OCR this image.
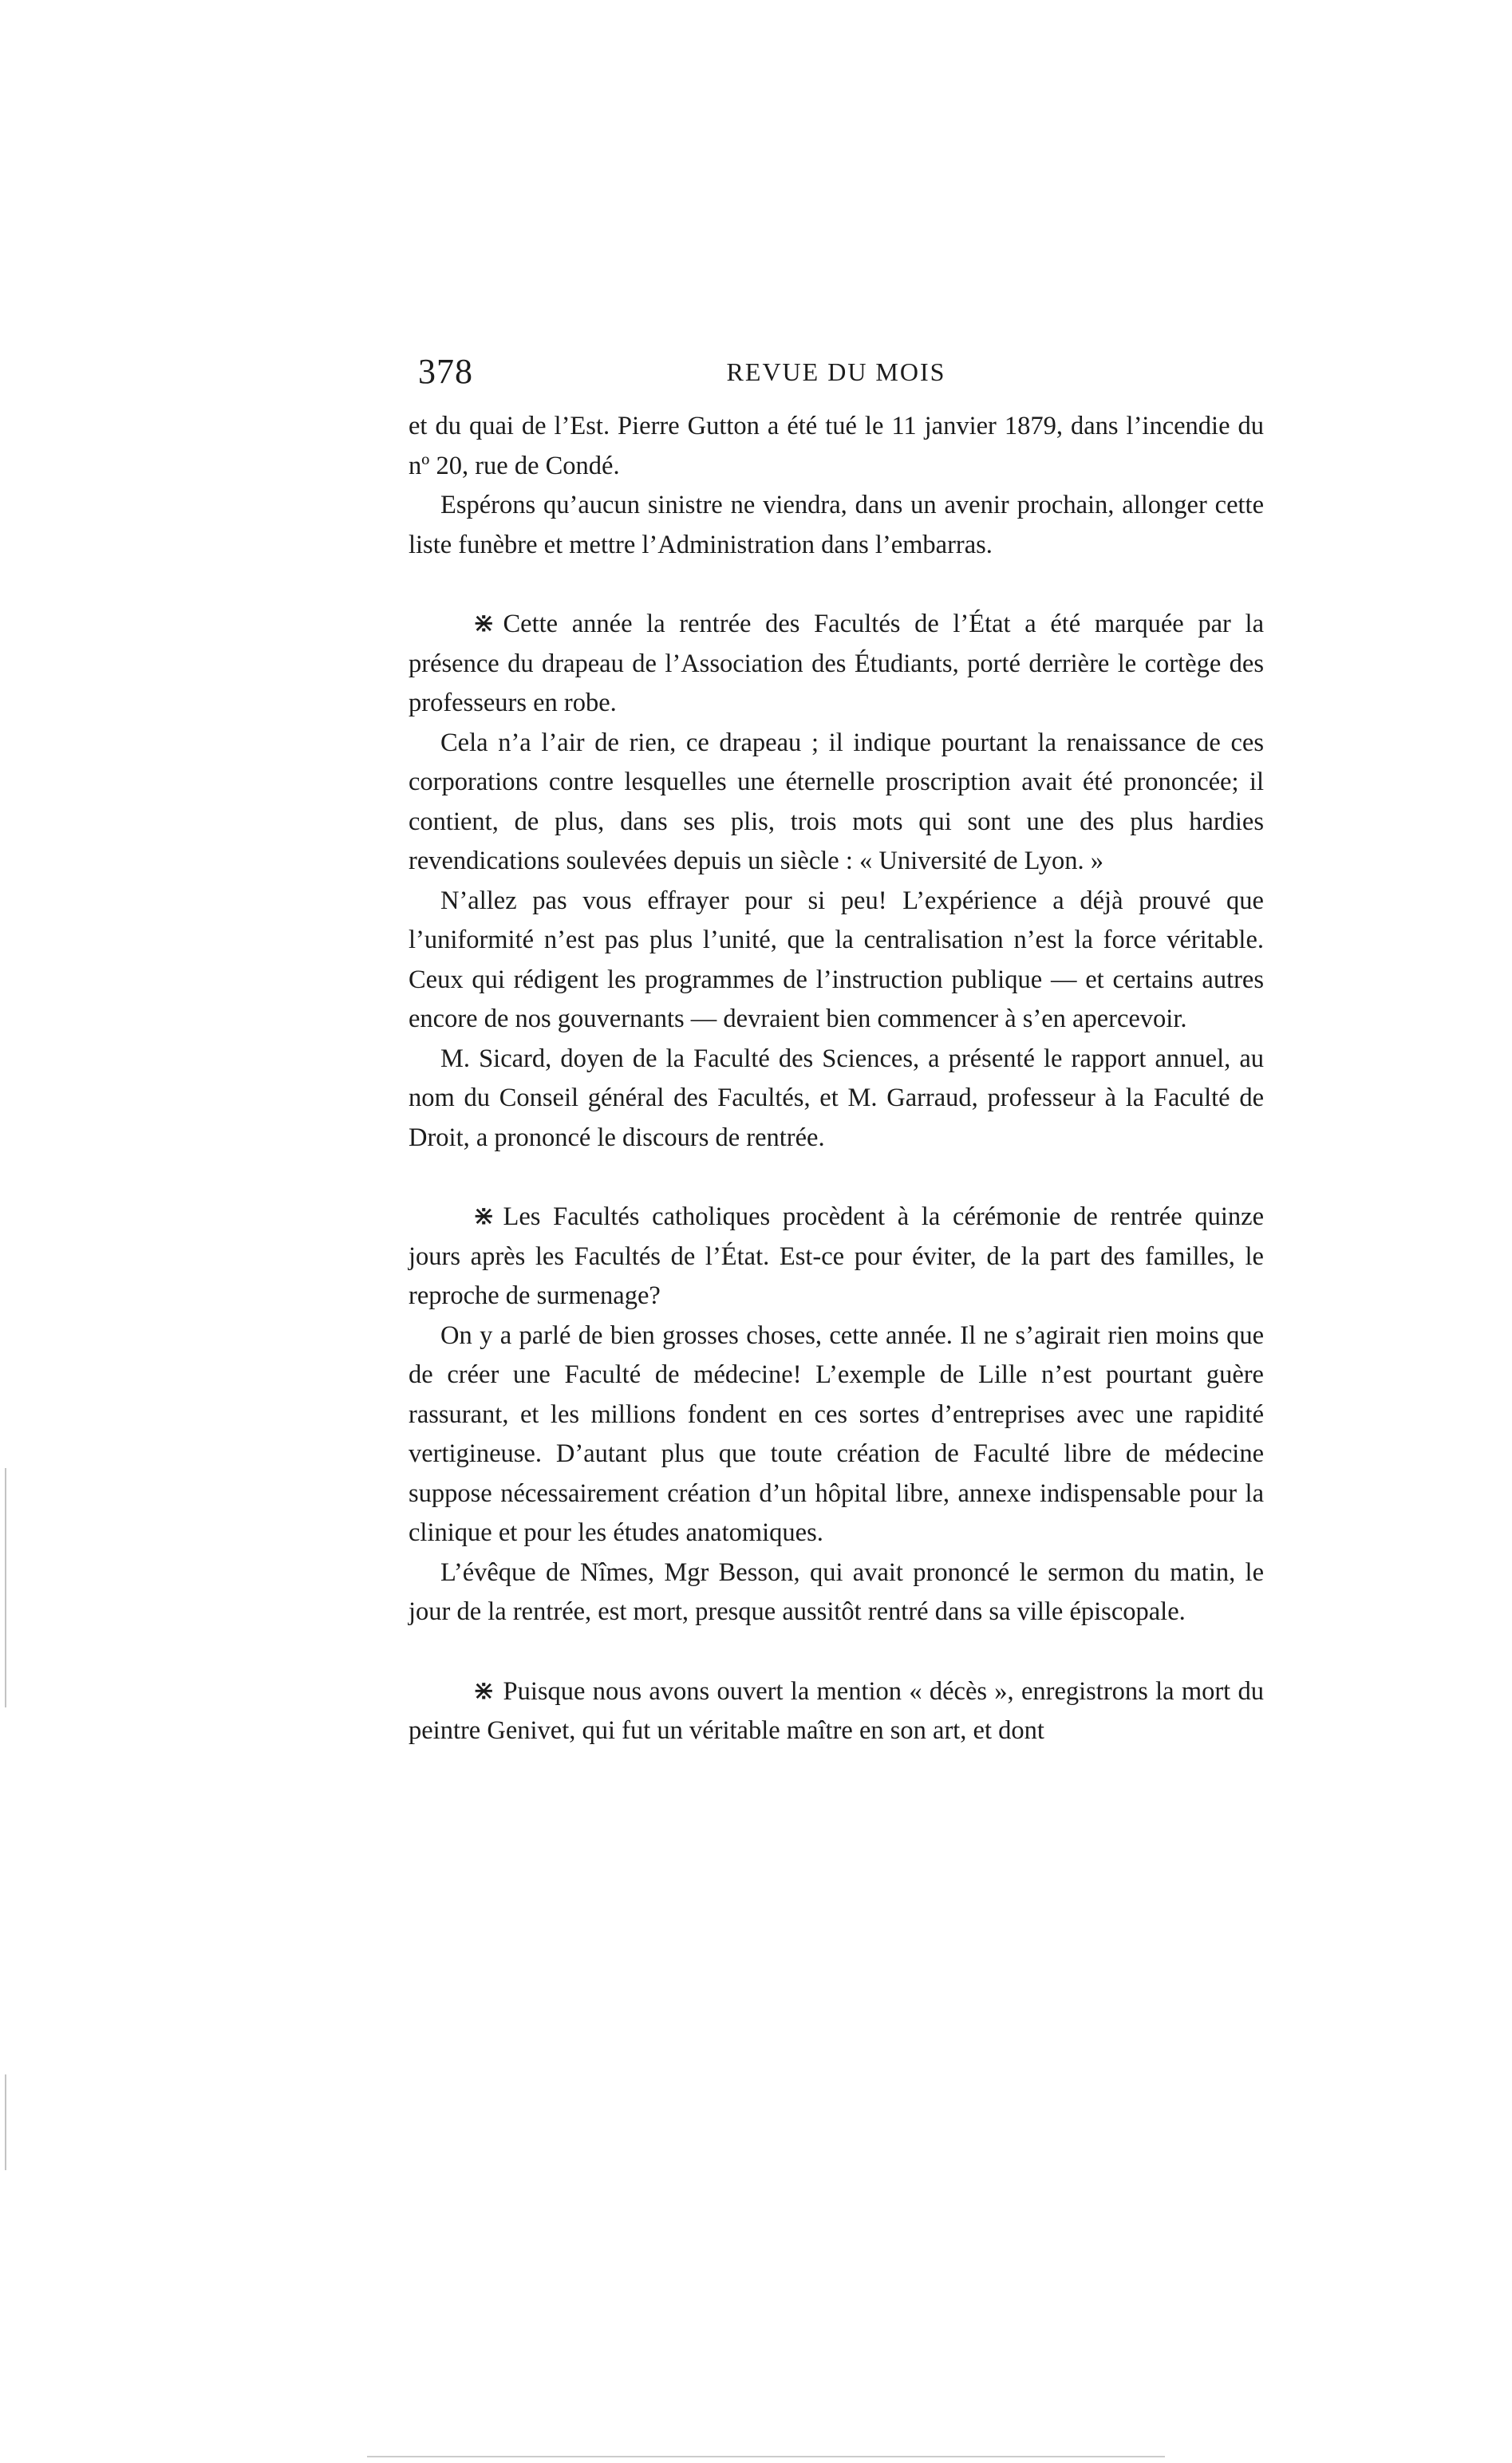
378	REVUE DU MOIS

et du quai de l’Est. Pierre Gutton a été tué le 11 janvier 1879, dans l’incendie du nº 20, rue de Condé.

Espérons qu’aucun sinistre ne viendra, dans un avenir prochain, allonger cette liste funèbre et mettre l’Administration dans l’embarras.

⋇ Cette année la rentrée des Facultés de l’État a été marquée par la présence du drapeau de l’Association des Étudiants, porté derrière le cortège des professeurs en robe.

Cela n’a l’air de rien, ce drapeau ; il indique pourtant la renaissance de ces corporations contre lesquelles une éternelle proscription avait été prononcée; il contient, de plus, dans ses plis, trois mots qui sont une des plus hardies revendications soulevées depuis un siècle : « Université de Lyon. »

N’allez pas vous effrayer pour si peu! L’expérience a déjà prouvé que l’uniformité n’est pas plus l’unité, que la centralisation n’est la force véritable. Ceux qui rédigent les programmes de l’instruction publique — et certains autres encore de nos gouvernants — devraient bien commencer à s’en apercevoir.

M. Sicard, doyen de la Faculté des Sciences, a présenté le rapport annuel, au nom du Conseil général des Facultés, et M. Garraud, professeur à la Faculté de Droit, a prononcé le discours de rentrée.

⋇ Les Facultés catholiques procèdent à la cérémonie de rentrée quinze jours après les Facultés de l’État. Est-ce pour éviter, de la part des familles, le reproche de surmenage?

On y a parlé de bien grosses choses, cette année. Il ne s’agirait rien moins que de créer une Faculté de médecine! L’exemple de Lille n’est pourtant guère rassurant, et les millions fondent en ces sortes d’entreprises avec une rapidité vertigineuse. D’autant plus que toute création de Faculté libre de médecine suppose nécessairement création d’un hôpital libre, annexe indispensable pour la clinique et pour les études anatomiques.

L’évêque de Nîmes, Mgr Besson, qui avait prononcé le sermon du matin, le jour de la rentrée, est mort, presque aussitôt rentré dans sa ville épiscopale.

⋇ Puisque nous avons ouvert la mention « décès », enregistrons la mort du peintre Genivet, qui fut un véritable maître en son art, et dont
